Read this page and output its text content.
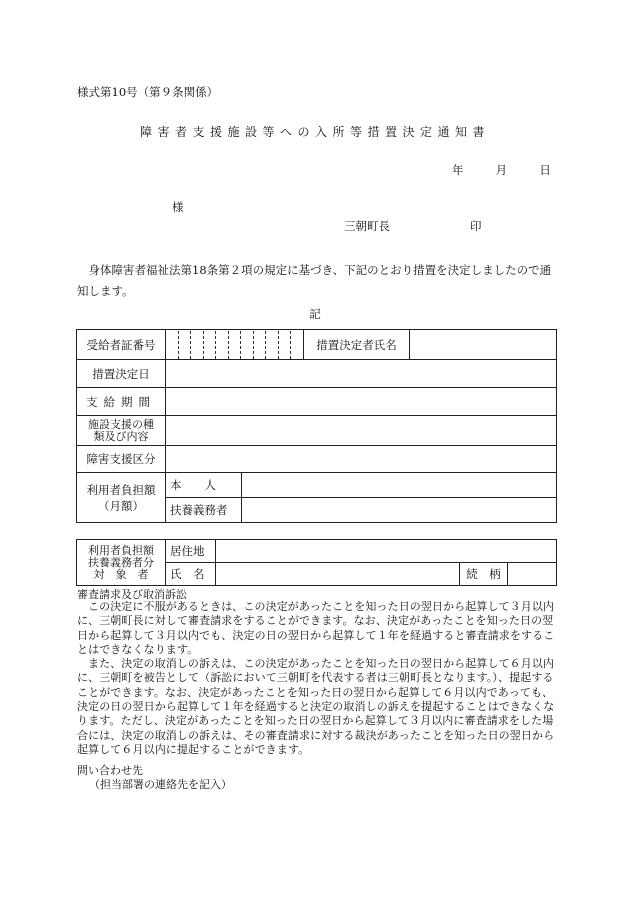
様式第10号（第９条関係）
障害者支援施設等への入所等措置決定通知書
年	月	日
様
三朝町長	印
身体障害者福祉法第18条第２項の規定に基づき、下記のとおり措置を決定しましたので通知します。
記
受給者証番号			措置決定者氏名	
措置決定日				
支給期間				

施設支援の種
類及び内容				

障害支援区分				

利用者負担額
（月額）	本　　人			
	扶養義務者			
利用者負担額
扶養義務者分
対　象　者	居住地			
	氏　名		続　柄	
審査請求及び取消訴訟

この決定に不服があるときは、この決定があったことを知った日の翌日から起算して３月以内に、三朝町長に対して審査請求をすることができます。なお、決定があったことを知った日の翌日から起算して３月以内でも、決定の日の翌日から起算して１年を経過すると審査請求をすることはできなくなります。

また、決定の取消しの訴えは、この決定があったことを知った日の翌日から起算して６月以内に、三朝町を被告として（訴訟において三朝町を代表する者は三朝町長となります。）、提起することができます。なお、決定があったことを知った日の翌日から起算して６月以内であっても、決定の日の翌日から起算して１年を経過すると決定の取消しの訴えを提起することはできなくなります。ただし、決定があったことを知った日の翌日から起算して３月以内に審査請求をした場合には、決定の取消しの訴えは、その審査請求に対する裁決があったことを知った日の翌日から起算して６月以内に提起することができます。

問い合わせ先
（担当部署の連絡先を記入）
